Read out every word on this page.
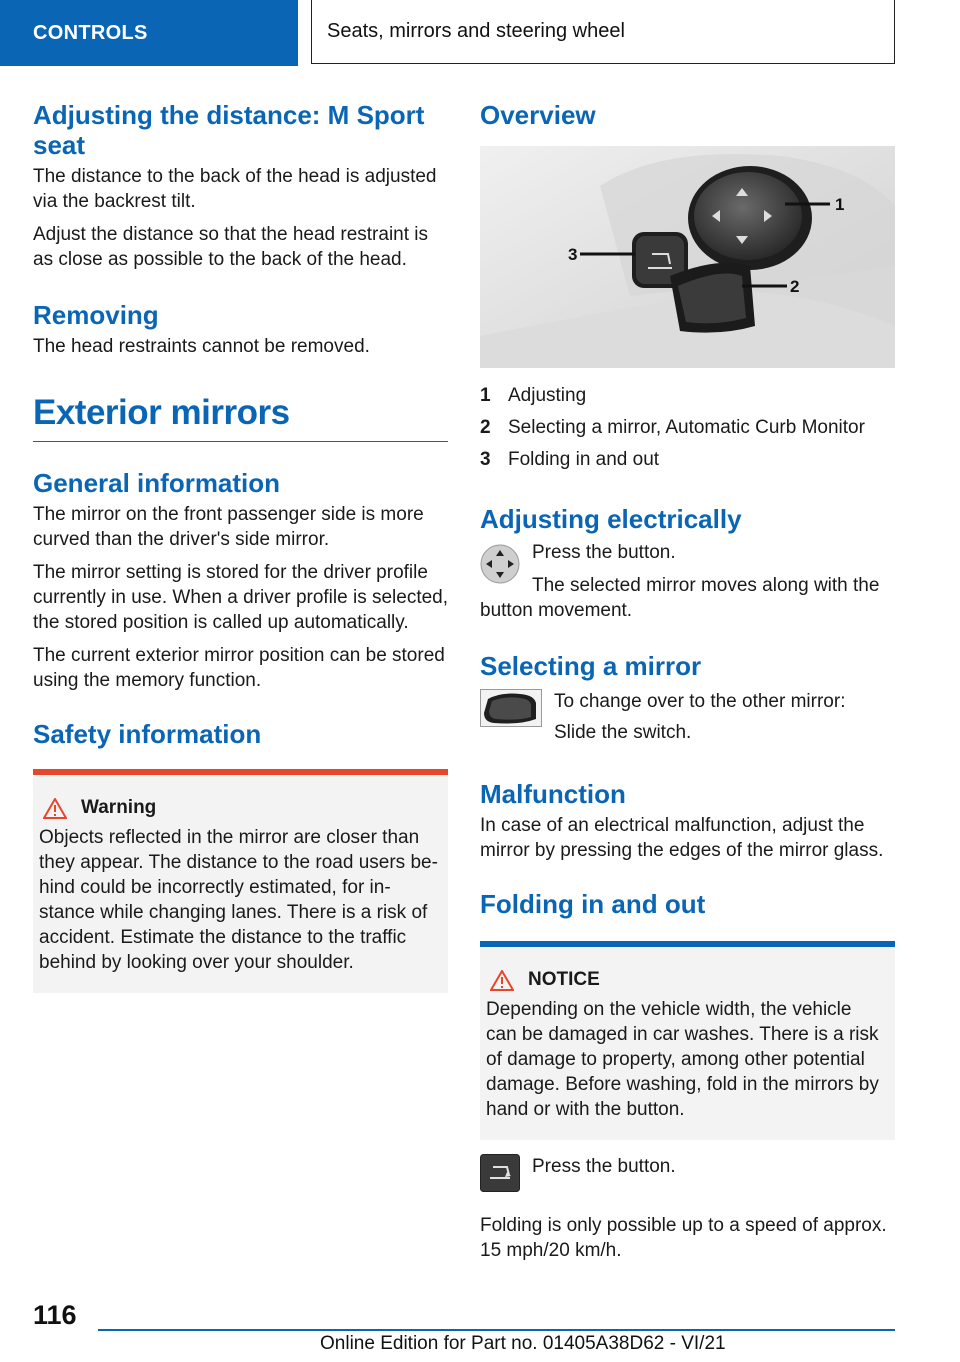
CONTROLS	Seats, mirrors and steering wheel
Adjusting the distance: M Sport seat

The distance to the back of the head is adjusted via the backrest tilt.

Adjust the distance so that the head restraint is as close as possible to the back of the head.

Removing

The head restraints cannot be removed.

Exterior mirrors
General information

The mirror on the front passenger side is more curved than the driver's side mirror.

The mirror setting is stored for the driver profile currently in use. When a driver profile is selected, the stored position is called up automatically.

The current exterior mirror position can be stored using the memory function.

Safety information
Warning

Objects reflected in the mirror are closer than they appear. The distance to the road users be-hind could be incorrectly estimated, for in-stance while changing lanes. There is a risk of accident. Estimate the distance to the traffic behind by looking over your shoulder.

Overview
1
2
3
1 Adjusting
2 Selecting a mirror, Automatic Curb Monitor
3 Folding in and out
Adjusting electrically

Press the button.

The selected mirror moves along with the button movement.

Selecting a mirror

To change over to the other mirror:

Slide the switch.

Malfunction

In case of an electrical malfunction, adjust the mirror by pressing the edges of the mirror glass.

Folding in and out
NOTICE

Depending on the vehicle width, the vehicle can be damaged in car washes. There is a risk of damage to property, among other potential damage. Before washing, fold in the mirrors by hand or with the button.

Press the button.

Folding is only possible up to a speed of approx. 15 mph/20 km/h.

116
Online Edition for Part no. 01405A38D62 - VI/21
